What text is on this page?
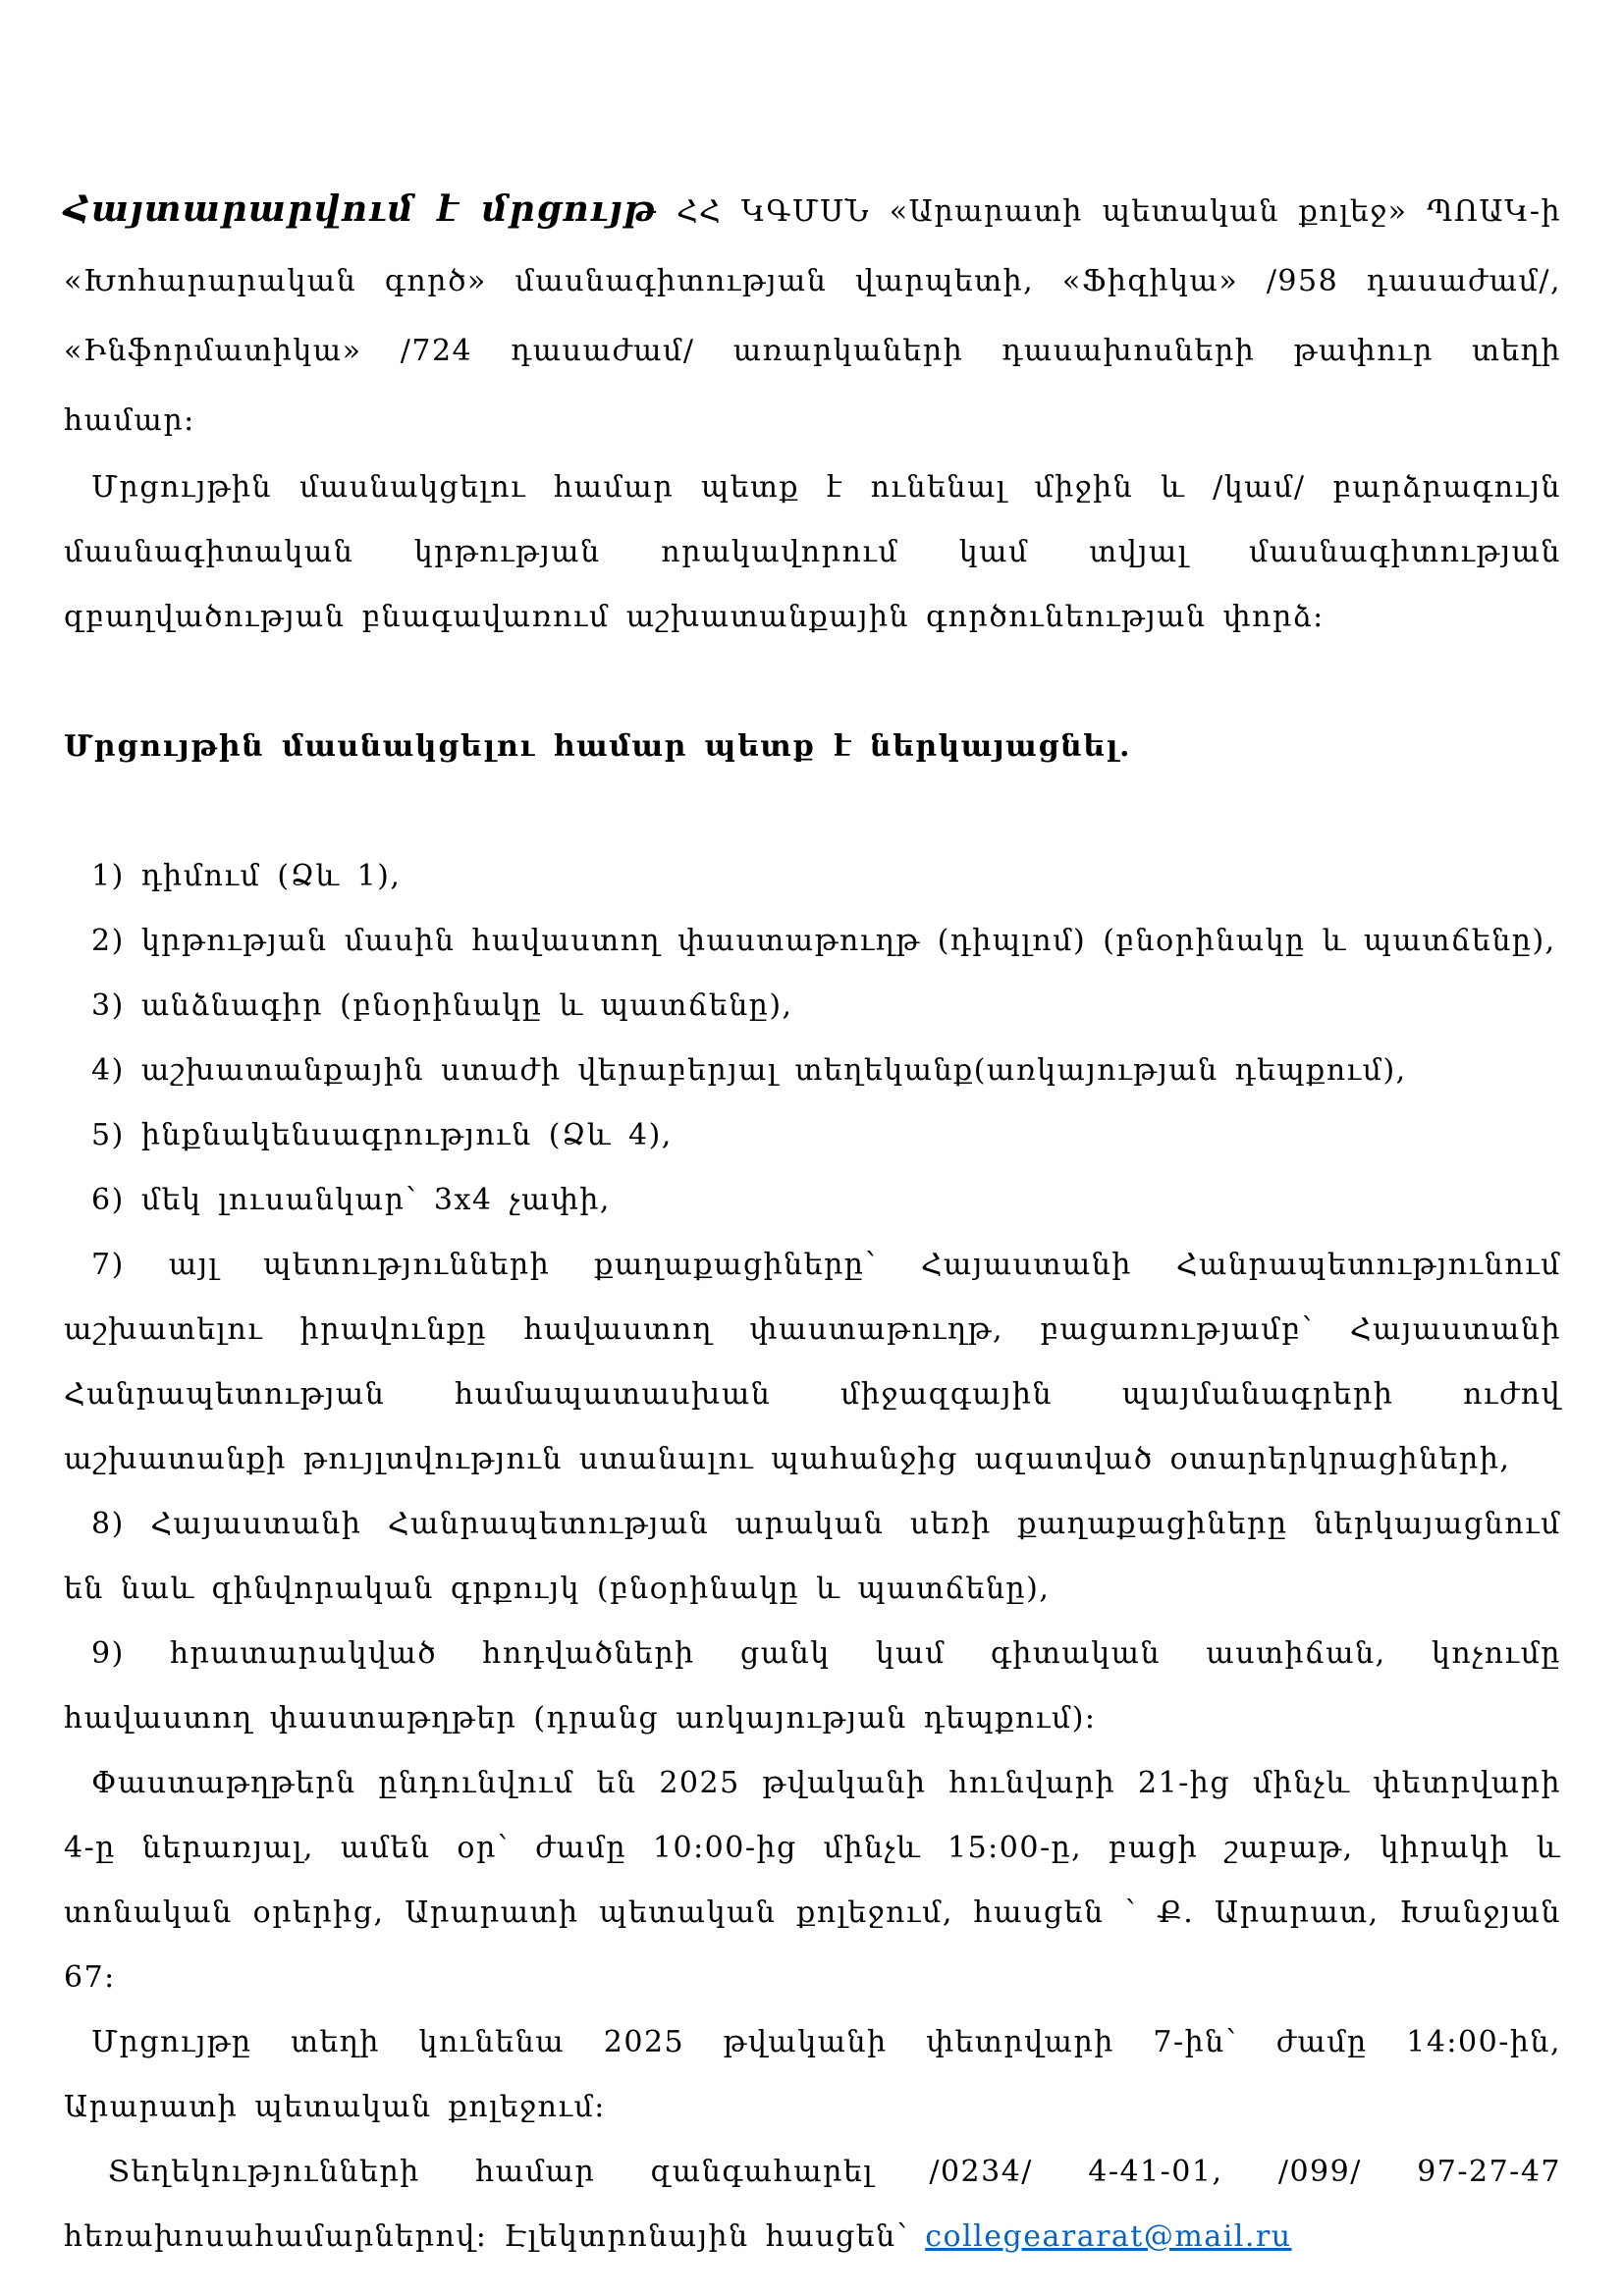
Հայտարարվում է մրցույթ ՀՀ ԿԳՄՍՆ «Արարատի պետական քոլեջ» ՊՈԱԿ-ի «Խոհարարական գործ» մասնագիտության վարպետի, «Ֆիզիկա» /958 դասաժամ/, «Ինֆորմատիկա» /724 դասաժամ/ առարկաների դասախոսների թափուր տեղի համար:

Մրցույթին մասնակցելու համար պետք է ունենալ միջին և /կամ/ բարձրագույն մասնագիտական կրթության որակավորում կամ տվյալ մասնագիտության զբաղվածության բնագավառում աշխատանքային գործունեության փորձ:

Մրցույթին մասնակցելու համար պետք է ներկայացնել.

1) դիմում (Ձև 1),

2) կրթության մասին հավաստող փաստաթուղթ (դիպլոմ) (բնօրինակը և պատճենը),

3) անձնագիր (բնօրինակը և պատճենը),

4) աշխատանքային ստաժի վերաբերյալ տեղեկանք(առկայության դեպքում),

5) ինքնակենսագրություն (Ձև 4),

6) մեկ լուսանկար՝ 3x4 չափի,

7) այլ պետությունների քաղաքացիները՝ Հայաստանի Հանրապետությունում աշխատելու իրավունքը հավաստող փաստաթուղթ, բացառությամբ՝ Հայաստանի Հանրապետության համապատասխան միջազգային պայմանագրերի ուժով աշխատանքի թույլտվություն ստանալու պահանջից ազատված օտարերկրացիների,

8) Հայաստանի Հանրապետության արական սեռի քաղաքացիները ներկայացնում են նաև զինվորական գրքույկ (բնօրինակը և պատճենը),

9) հրատարակված հոդվածների ցանկ կամ գիտական աստիճան, կոչումը հավաստող փաստաթղթեր (դրանց առկայության դեպքում):

Փաստաթղթերն ընդունվում են 2025 թվականի հունվարի 21-ից մինչև փետրվարի 4-ը ներառյալ, ամեն օր՝ ժամը 10:00-ից մինչև 15:00-ը, բացի շաբաթ, կիրակի և տոնական օրերից, Արարատի պետական քոլեջում, հասցեն ՝ Ք. Արարատ, Խանջյան 67:

Մրցույթը տեղի կունենա 2025 թվականի փետրվարի 7-ին՝ ժամը 14:00-ին, Արարատի պետական քոլեջում:

Տեղեկությունների համար զանգահարել /0234/ 4-41-01, /099/ 97-27-47 հեռախոսահամարներով: Էլեկտրոնային հասցեն՝ collegeararat@mail.ru
